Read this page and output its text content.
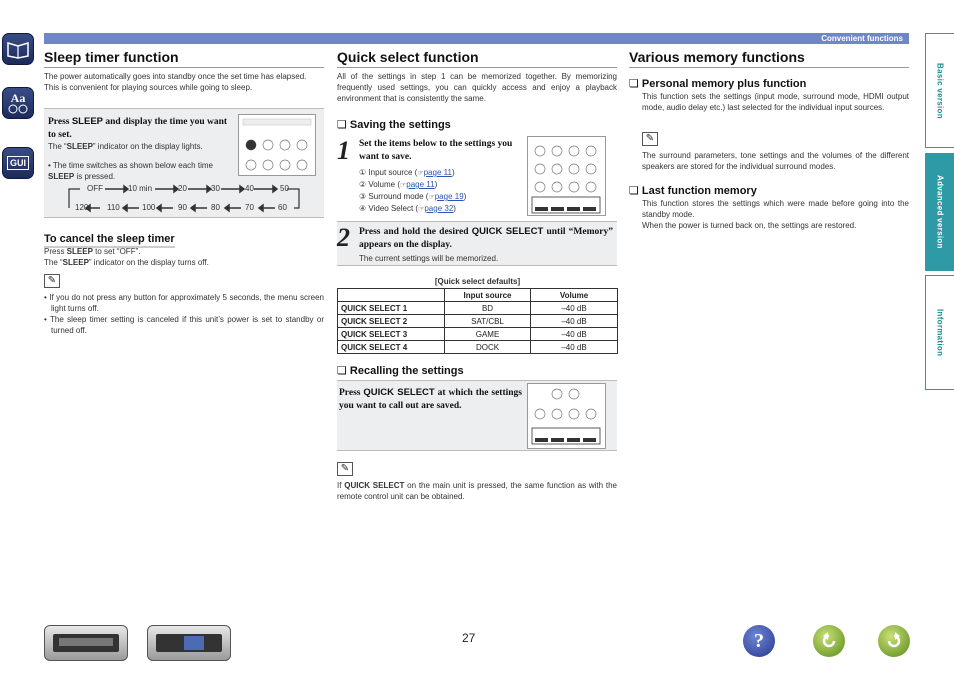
Convenient functions
Aa
GUI
Basic version
Advanced version
Information
Sleep timer function

The power automatically goes into standby once the set time has elapsed.
This is convenient for playing sources while going to sleep.

Press SLEEP and display the time you want to set.
The “SLEEP” indicator on the display lights.
• The time switches as shown below each time SLEEP is pressed.
OFF	10 min	20	30	40	50
120 110	100	90	80	70	60
To cancel the sleep timer

Press SLEEP to set “OFF”.
The “SLEEP” indicator on the display turns off.

✎
• If you do not press any button for approximately 5 seconds, the menu screen light turns off.
• The sleep timer setting is canceled if this unit’s power is set to standby or turned off.
Quick select function

All of the settings in step 1 can be memorized together. By memorizing frequently used settings, you can quickly access and enjoy a playback environment that is consistently the same.

❏ Saving the settings
1 Set the items below to the settings you want to save.
① Input source (☞page 11)
② Volume (☞page 11)
③ Surround mode (☞page 19)
④ Video Select (☞page 32)
2 Press and hold the desired QUICK SELECT until “Memory” appears on the display.
The current settings will be memorized.
[Quick select defaults]
	Input source	Volume
QUICK SELECT 1	BD	–40 dB
QUICK SELECT 2	SAT/CBL	–40 dB
QUICK SELECT 3	GAME	–40 dB
QUICK SELECT 4	DOCK	–40 dB
❏ Recalling the settings
Press QUICK SELECT at which the settings you want to call out are saved.
✎

If QUICK SELECT on the main unit is pressed, the same function as with the remote control unit can be obtained.

Various memory functions
❏ Personal memory plus function

This function sets the settings (input mode, surround mode, HDMI output mode, audio delay etc.) last selected for the individual input sources.

✎

The surround parameters, tone settings and the volumes of the different speakers are stored for the individual surround modes.

❏ Last function memory

This function stores the settings which were made before going into the standby mode.
When the power is turned back on, the settings are restored.

27	?
